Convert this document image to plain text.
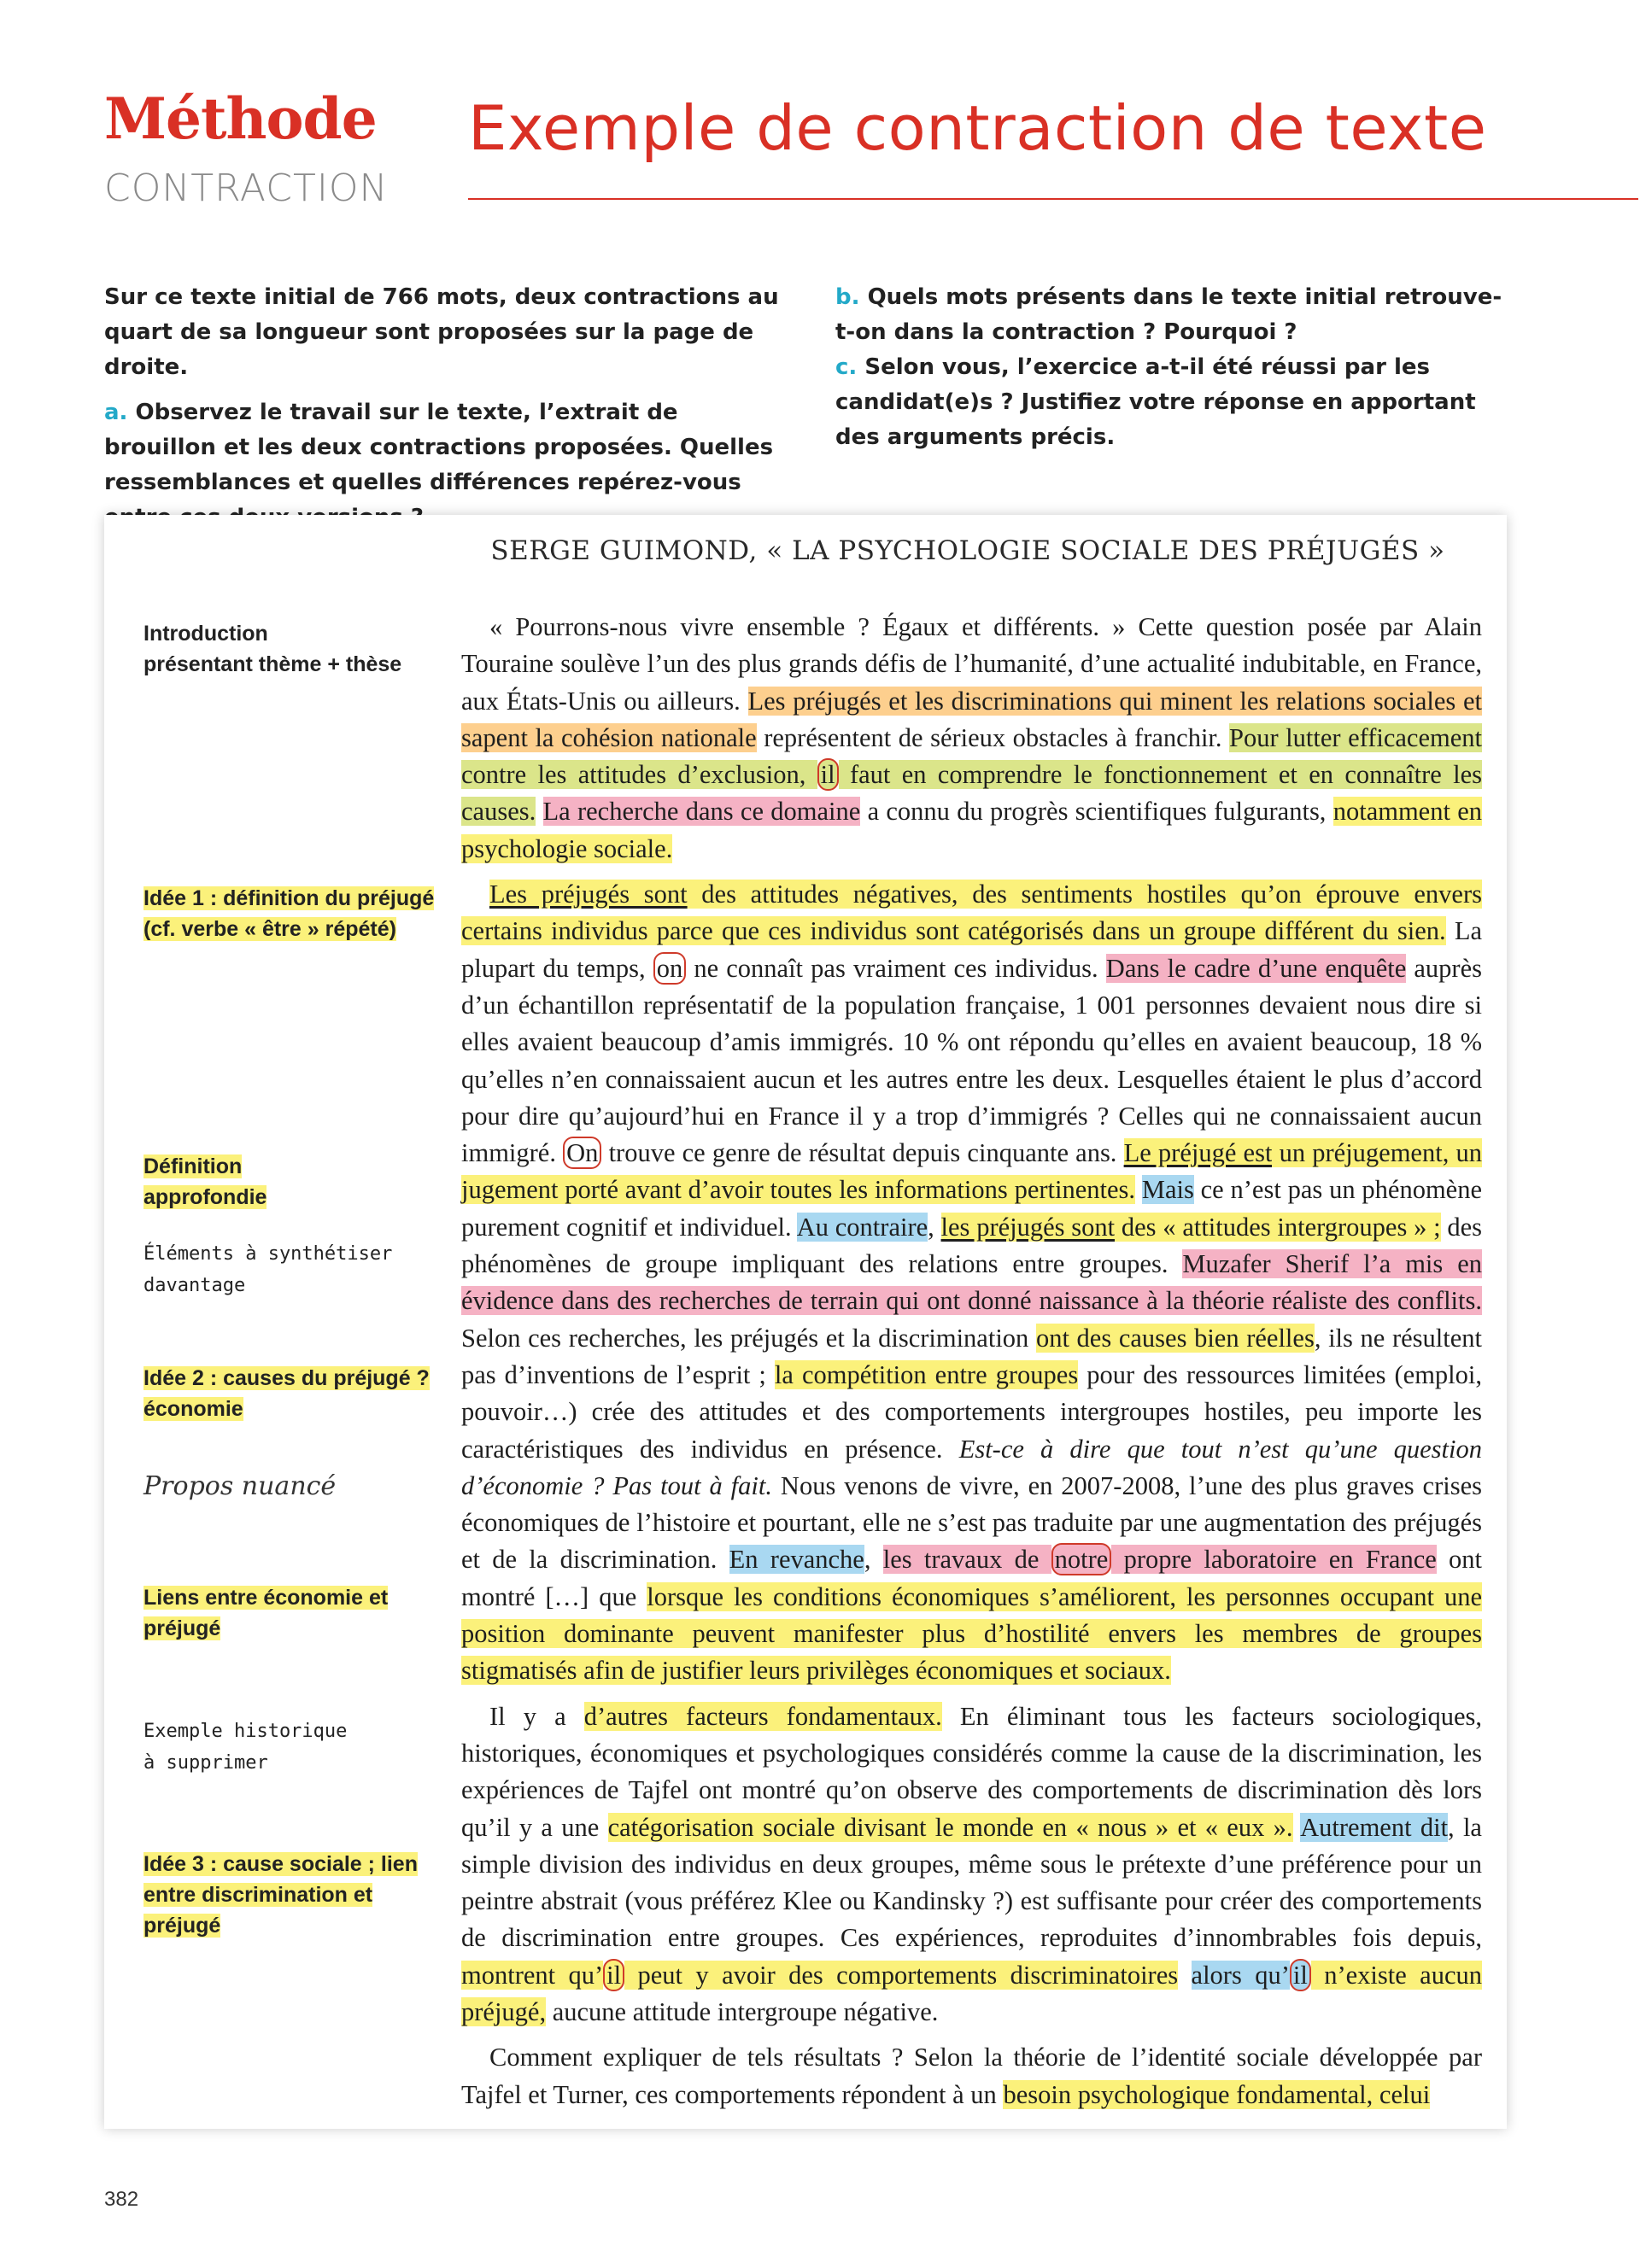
Méthode
CONTRACTION
Exemple de contraction de texte

Sur ce texte initial de 766 mots, deux contractions au quart de sa longueur sont proposées sur la page de droite.

a. Observez le travail sur le texte, l’extrait de brouillon et les deux contractions proposées. Quelles ressemblances et quelles différences repérez-vous

b. Quels mots présents dans le texte initial retrouve-t-on dans la contraction ? Pourquoi ?

c. Selon vous, l’exercice a-t-il été réussi par les candidat(e)s ? Justifiez votre réponse en apportant des arguments précis.

SERGE GUIMOND, « LA PSYCHOLOGIE SOCIALE DES PRÉJUGÉS »
Introduction
présentant thème + thèse
Idée 1 : définition du préjugé
(cf. verbe « être » répété)
Définition
approfondie
Éléments à synthétiser
davantage
Idée 2 : causes du préjugé ?
économie
Propos nuancé
Liens entre économie et
préjugé
Exemple historique
à supprimer
Idée 3 : cause sociale ; lien
entre discrimination et
préjugé

« Pourrons-nous vivre ensemble ? Égaux et différents. » Cette question posée par Alain Touraine soulève l’un des plus grands défis de l’humanité, d’une actualité indubitable, en France, aux États-Unis ou ailleurs. Les préjugés et les discriminations qui minent les relations sociales et sapent la cohésion nationale représentent de sérieux obstacles à franchir. Pour lutter efficacement contre les attitudes d’exclusion, il faut en comprendre le fonctionnement et en connaître les causes. La recherche dans ce domaine a connu du progrès scientifiques fulgurants, notamment en psychologie sociale.

Les préjugés sont des attitudes négatives, des sentiments hostiles qu’on éprouve envers certains individus parce que ces individus sont catégorisés dans un groupe différent du sien. La plupart du temps, on ne connaît pas vraiment ces individus. Dans le cadre d’une enquête auprès d’un échantillon représentatif de la population française, 1 001 personnes devaient nous dire si elles avaient beaucoup d’amis immigrés. 10 % ont répondu qu’elles en avaient beaucoup, 18 % qu’elles n’en connaissaient aucun et les autres entre les deux. Lesquelles étaient le plus d’accord pour dire qu’aujourd’hui en France il y a trop d’immigrés ? Celles qui ne connaissaient aucun immigré. On trouve ce genre de résultat depuis cinquante ans. Le préjugé est un préjugement, un jugement porté avant d’avoir toutes les informations pertinentes. Mais ce n’est pas un phénomène purement cognitif et individuel. Au contraire, les préjugés sont des « attitudes intergroupes » ; des phénomènes de groupe impliquant des relations entre groupes. Muzafer Sherif l’a mis en évidence dans des recherches de terrain qui ont donné naissance à la théorie réaliste des conflits. Selon ces recherches, les préjugés et la discrimination ont des causes bien réelles, ils ne résultent pas d’inventions de l’esprit ; la compétition entre groupes pour des ressources limitées (emploi, pouvoir…) crée des attitudes et des comportements intergroupes hostiles, peu importe les caractéristiques des individus en présence. Est-ce à dire que tout n’est qu’une question d’économie ? Pas tout à fait. Nous venons de vivre, en 2007-2008, l’une des plus graves crises économiques de l’histoire et pourtant, elle ne s’est pas traduite par une augmentation des préjugés et de la discrimination. En revanche, les travaux de notre propre laboratoire en France ont montré […] que lorsque les conditions économiques s’améliorent, les personnes occupant une position dominante peuvent manifester plus d’hostilité envers les membres de groupes stigmatisés afin de justifier leurs privilèges économiques et sociaux.

Il y a d’autres facteurs fondamentaux. En éliminant tous les facteurs sociologiques, historiques, économiques et psychologiques considérés comme la cause de la discrimination, les expériences de Tajfel ont montré qu’on observe des comportements de discrimination dès lors qu’il y a une catégorisation sociale divisant le monde en « nous » et « eux ». Autrement dit, la simple division des individus en deux groupes, même sous le prétexte d’une préférence pour un peintre abstrait (vous préférez Klee ou Kandinsky ?) est suffisante pour créer des comportements de discrimination entre groupes. Ces expériences, reproduites d’innombrables fois depuis, montrent qu’ il peut y avoir des comportements discriminatoires alors qu’ il n’existe aucun préjugé, aucune attitude intergroupe négative.

Comment expliquer de tels résultats ? Selon la théorie de l’identité sociale développée par Tajfel et Turner, ces comportements répondent à un besoin psychologique fondamental, celui

382
